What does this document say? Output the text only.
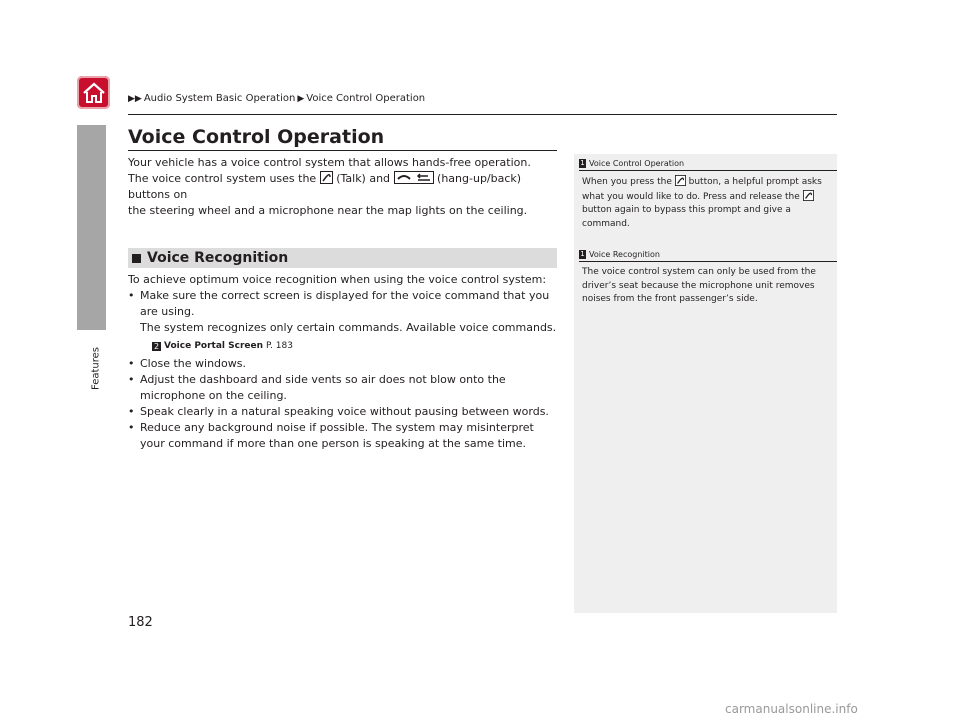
▶▶ Audio System Basic Operation ▶ Voice Control Operation
Features
Voice Control Operation
Your vehicle has a voice control system that allows hands-free operation.
The voice control system uses the (Talk) and	(hang-up/back) buttons on
the steering wheel and a microphone near the map lights on the ceiling.
Voice Recognition

To achieve optimum voice recognition when using the voice control system:

• Make sure the correct screen is displayed for the voice command that you are using.
The system recognizes only certain commands. Available voice commands.
2 Voice Portal Screen P. 183
• Close the windows.
• Adjust the dashboard and side vents so air does not blow onto the microphone on the ceiling.
• Speak clearly in a natural speaking voice without pausing between words.
• Reduce any background noise if possible. The system may misinterpret your command if more than one person is speaking at the same time.
1 Voice Control Operation
When you press the button, a helpful prompt asks what you would like to do. Press and release the  button again to bypass this prompt and give a command.
1 Voice Recognition
The voice control system can only be used from the driver’s seat because the microphone unit removes noises from the front passenger’s side.
182
carmanualsonline.info
